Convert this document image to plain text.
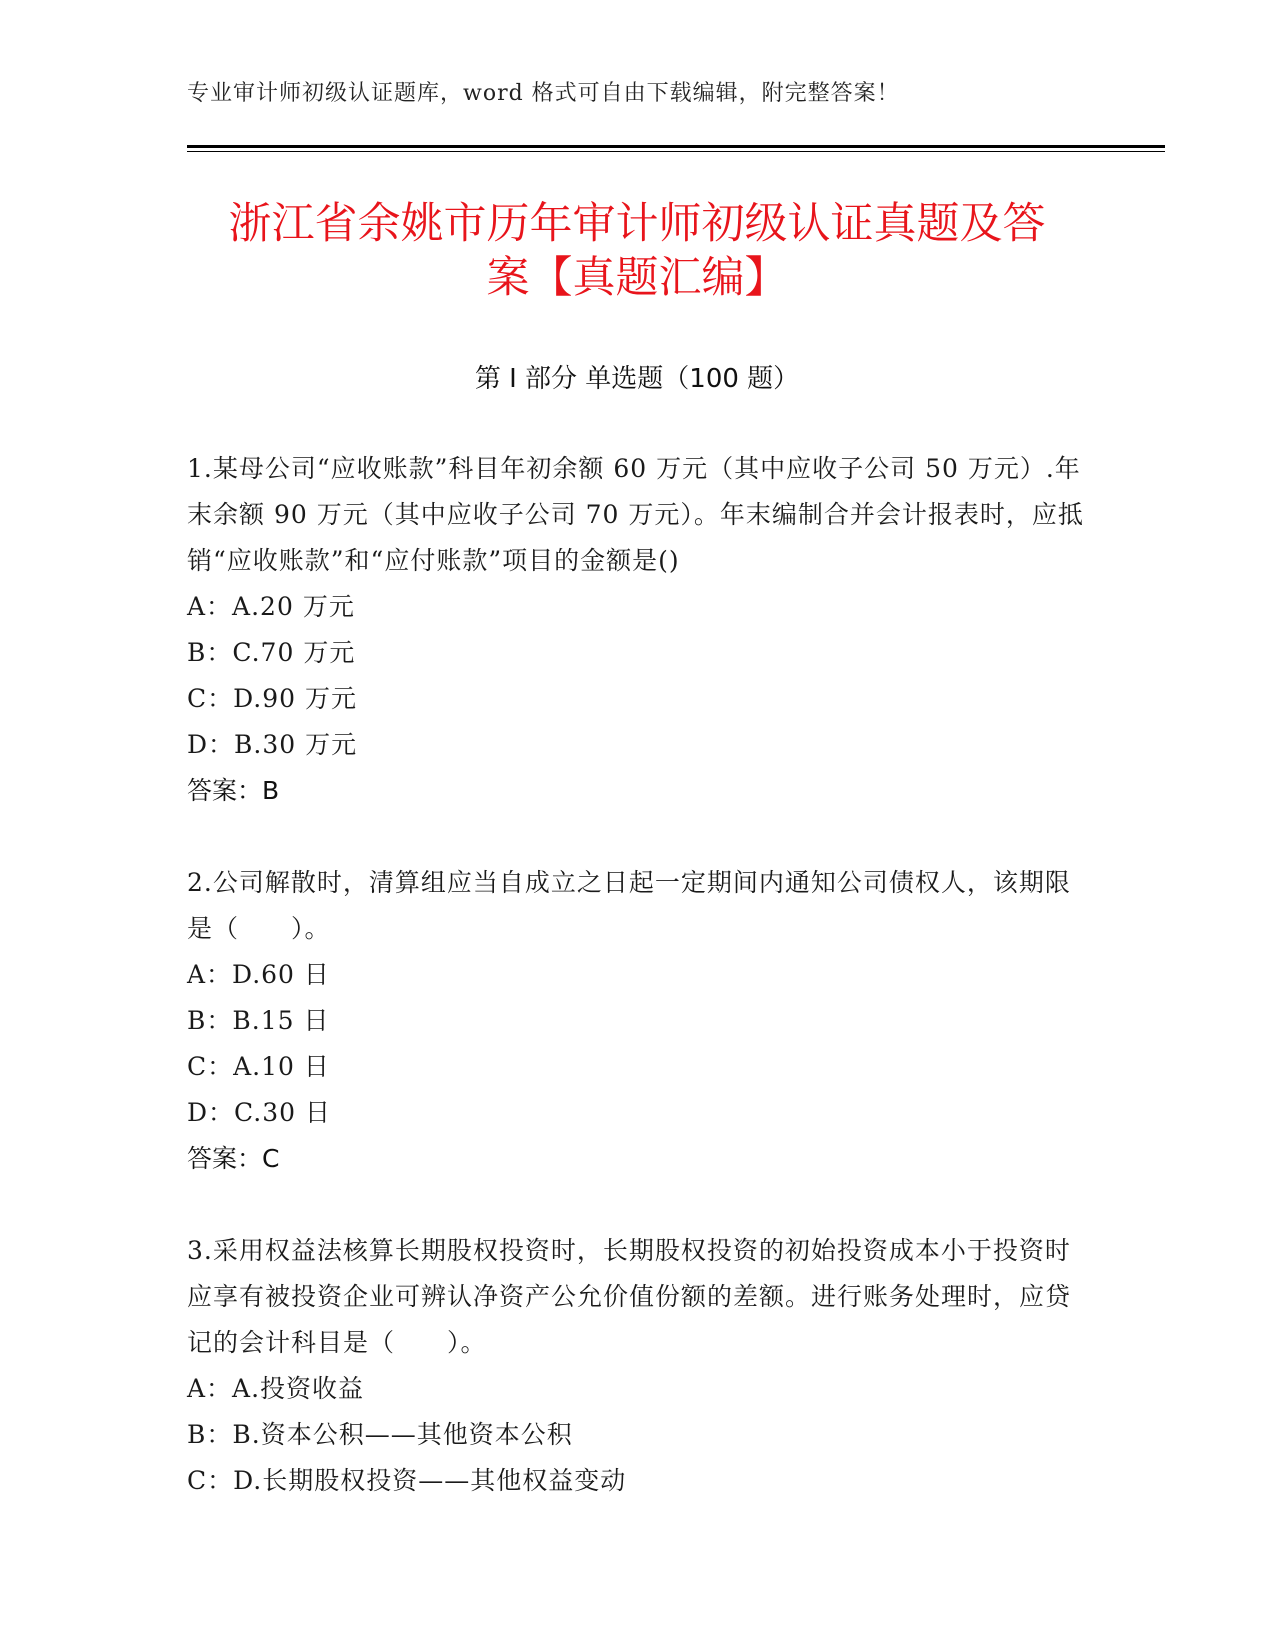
专业审计师初级认证题库，word 格式可自由下载编辑，附完整答案！
浙江省余姚市历年审计师初级认证真题及答
案【真题汇编】
第 I 部分 单选题（100 题）
1.某母公司“应收账款”科目年初余额 60 万元（其中应收子公司 50 万元）.年末余额 90 万元（其中应收子公司 70 万元）。年末编制合并会计报表时，应抵销“应收账款”和“应付账款”项目的金额是()
A：A.20 万元
B：C.70 万元
C：D.90 万元
D：B.30 万元
答案：B
2.公司解散时，清算组应当自成立之日起一定期间内通知公司债权人，该期限是（　　）。
A：D.60 日
B：B.15 日
C：A.10 日
D：C.30 日
答案：C
3.采用权益法核算长期股权投资时，长期股权投资的初始投资成本小于投资时应享有被投资企业可辨认净资产公允价值份额的差额。进行账务处理时，应贷记的会计科目是（　　）。
A：A.投资收益
B：B.资本公积——其他资本公积
C：D.长期股权投资——其他权益变动
